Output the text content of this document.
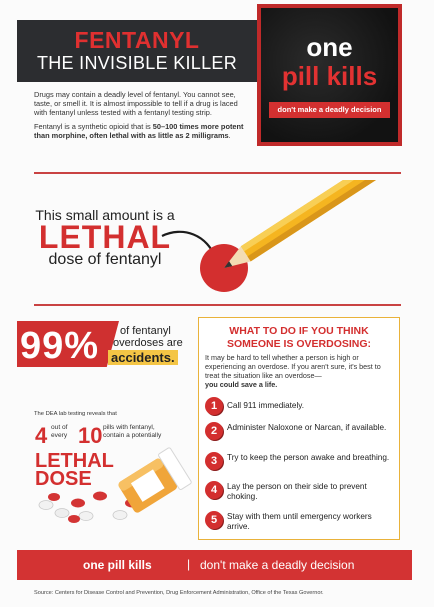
FENTANYL
THE INVISIBLE KILLER
one
pill kills
don't make a deadly decision

Drugs may contain a deadly level of fentanyl. You cannot see, taste, or smell it. It is almost impossible to tell if a drug is laced with fentanyl unless tested with a fentanyl testing strip.

Fentanyl is a synthetic opioid that is 50–100 times more potent than morphine, often lethal with as little as 2 milligrams.

This small amount is a
LETHAL
dose of fentanyl
99% of fentanyl
overdoses are
accidents.
The DEA lab testing reveals that
4 out of
every 10 pills with fentanyl,
contain a potentially
LETHAL
DOSE
WHAT TO DO IF YOU THINK
SOMEONE IS OVERDOSING:
It may be hard to tell whether a person is high or experiencing an overdose. If you aren't sure, it's best to treat the situation like an overdose—
you could save a life.
1	Call 911 immediately.
2	Administer Naloxone or Narcan, if available.
3	Try to keep the person awake and breathing.
4	Lay the person on their side to prevent choking.
5	Stay with them until emergency workers arrive.
one pill kills	| don't make a deadly decision
Source: Centers for Disease Control and Prevention, Drug Enforcement Administration, Office of the Texas Governor.
